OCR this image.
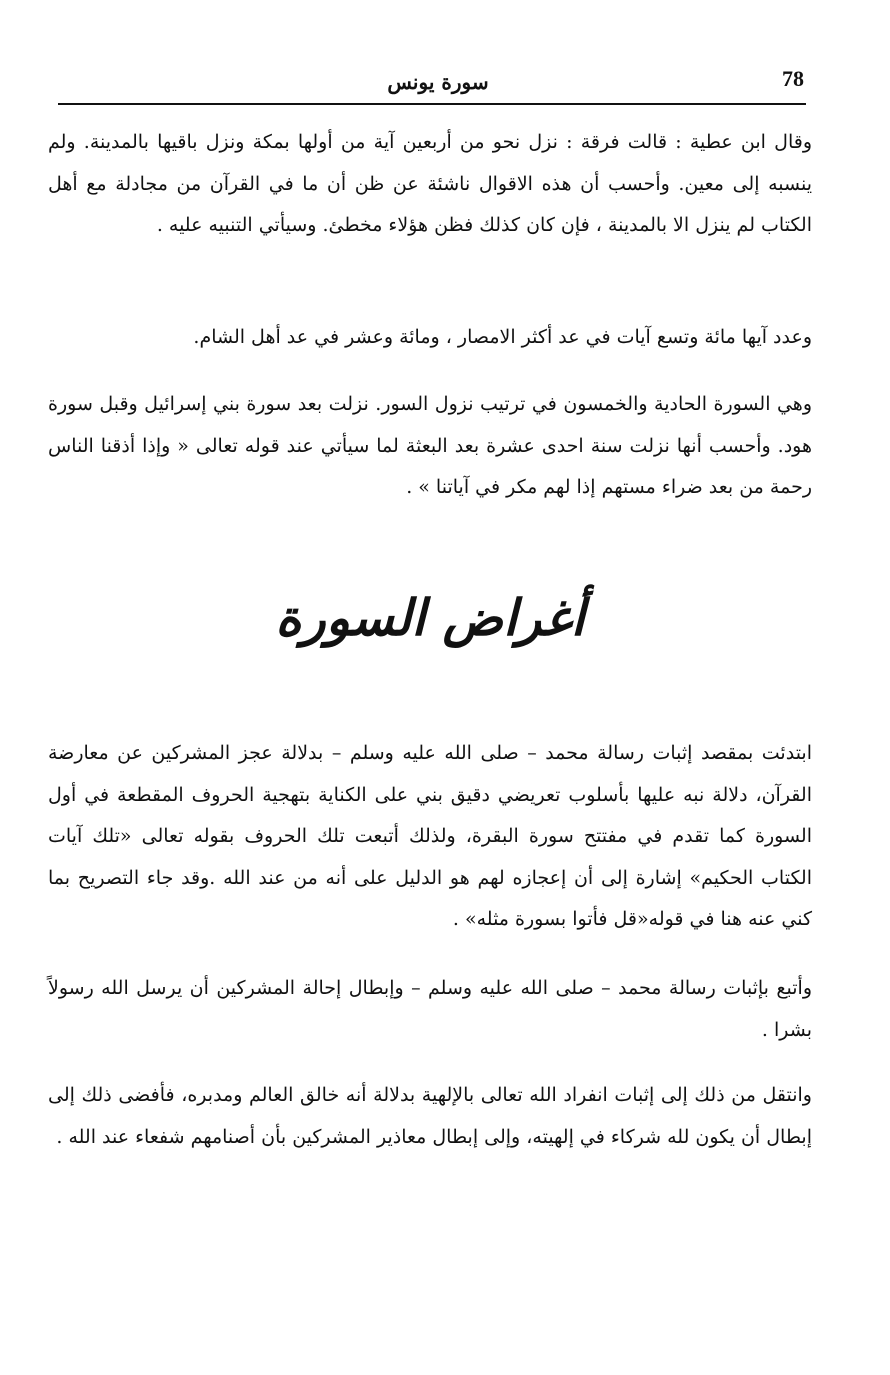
78
سورة يونس

وقال ابن عطية : قالت فرقة : نزل نحو من أربعين آية من أولها بمكة ونزل باقيها بالمدينة. ولم ينسبه إلى معين. وأحسب أن هذه الاقوال ناشئة عن ظن أن ما في القرآن من مجادلة مع أهل الكتاب لم ينزل الا بالمدينة ، فإن كان كذلك فظن هؤلاء مخطئ. وسيأتي التنبيه عليه .

وعدد آيها مائة وتسع آيات في عد أكثر الامصار ، ومائة وعشر في عد أهل الشام.

وهي السورة الحادية والخمسون في ترتيب نزول السور. نزلت بعد سورة بني إسرائيل وقبل سورة هود. وأحسب أنها نزلت سنة احدى عشرة بعد البعثة لما سيأتي عند قوله تعالى « وإذا أذقنا الناس رحمة من بعد ضراء مستهم إذا لهم مكر في آياتنا » .

أغراض السورة

ابتدئت بمقصد إثبات رسالة محمد – صلى الله عليه وسلم – بدلالة عجز المشركين عن معارضة القرآن، دلالة نبه عليها بأسلوب تعريضي دقيق بني على الكناية بتهجية الحروف المقطعة في أول السورة كما تقدم في مفتتح سورة البقرة، ولذلك أتبعت تلك الحروف بقوله تعالى «تلك آيات الكتاب الحكيم» إشارة إلى أن إعجازه لهم هو الدليل على أنه من عند الله .وقد جاء التصريح بما كني عنه هنا في قوله«قل فأتوا بسورة مثله» .

وأتبع بإثبات رسالة محمد – صلى الله عليه وسلم – وإبطال إحالة المشركين أن يرسل الله رسولاً بشرا .

وانتقل من ذلك إلى إثبات انفراد الله تعالى بالإلهية بدلالة أنه خالق العالم ومدبره، فأفضى ذلك إلى إبطال أن يكون لله شركاء في إلهيته، وإلى إبطال معاذير المشركين بأن أصنامهم شفعاء عند الله .
